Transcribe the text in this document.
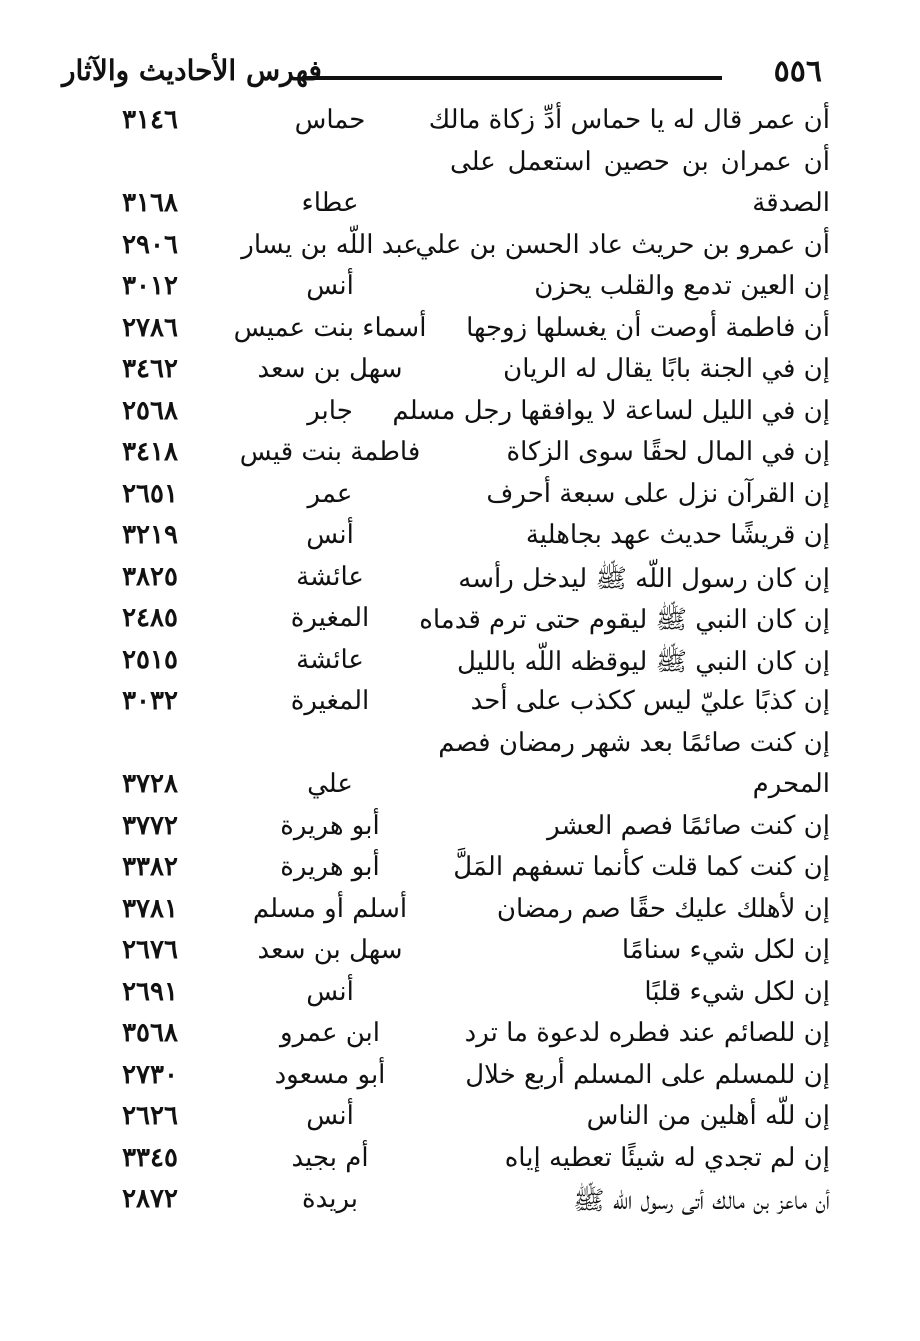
٥٥٦
فهرس الأحاديث والآثار
أن عمر قال له يا حماس أدِّ زكاة مالك
حماس
٣١٤٦
أن عمران بن حصين استعمل على
الصدقة
عطاء
٣١٦٨
أن عمرو بن حريث عاد الحسن بن علي
عبد اللّه بن يسار
٢٩٠٦
إن العين تدمع والقلب يحزن
أنس
٣٠١٢
أن فاطمة أوصت أن يغسلها زوجها
أسماء بنت عميس
٢٧٨٦
إن في الجنة بابًا يقال له الريان
سهل بن سعد
٣٤٦٢
إن في الليل لساعة لا يوافقها رجل مسلم
جابر
٢٥٦٨
إن في المال لحقًا سوى الزكاة
فاطمة بنت قيس
٣٤١٨
إن القرآن نزل على سبعة أحرف
عمر
٢٦٥١
إن قريشًا حديث عهد بجاهلية
أنس
٣٢١٩
إن كان رسول اللّه ﷺ ليدخل رأسه
عائشة
٣٨٢٥
إن كان النبي ﷺ ليقوم حتى ترم قدماه
المغيرة
٢٤٨٥
إن كان النبي ﷺ ليوقظه اللّه بالليل
عائشة
٢٥١٥
إن كذبًا عليّ ليس ككذب على أحد
المغيرة
٣٠٣٢
إن كنت صائمًا بعد شهر رمضان فصم
المحرم
علي
٣٧٢٨
إن كنت صائمًا فصم العشر
أبو هريرة
٣٧٧٢
إن كنت كما قلت كأنما تسفهم المَلَّ
أبو هريرة
٣٣٨٢
إن لأهلك عليك حقًا صم رمضان
أسلم أو مسلم
٣٧٨١
إن لكل شيء سنامًا
سهل بن سعد
٢٦٧٦
إن لكل شيء قلبًا
أنس
٢٦٩١
إن للصائم عند فطره لدعوة ما ترد
ابن عمرو
٣٥٦٨
إن للمسلم على المسلم أربع خلال
أبو مسعود
٢٧٣٠
إن للّه أهلين من الناس
أنس
٢٦٢٦
إن لم تجدي له شيئًا تعطيه إياه
أم بجيد
٣٣٤٥
أن ماعز بن مالك أتى رسول اللّه ﷺ
بريدة
٢٨٧٢
